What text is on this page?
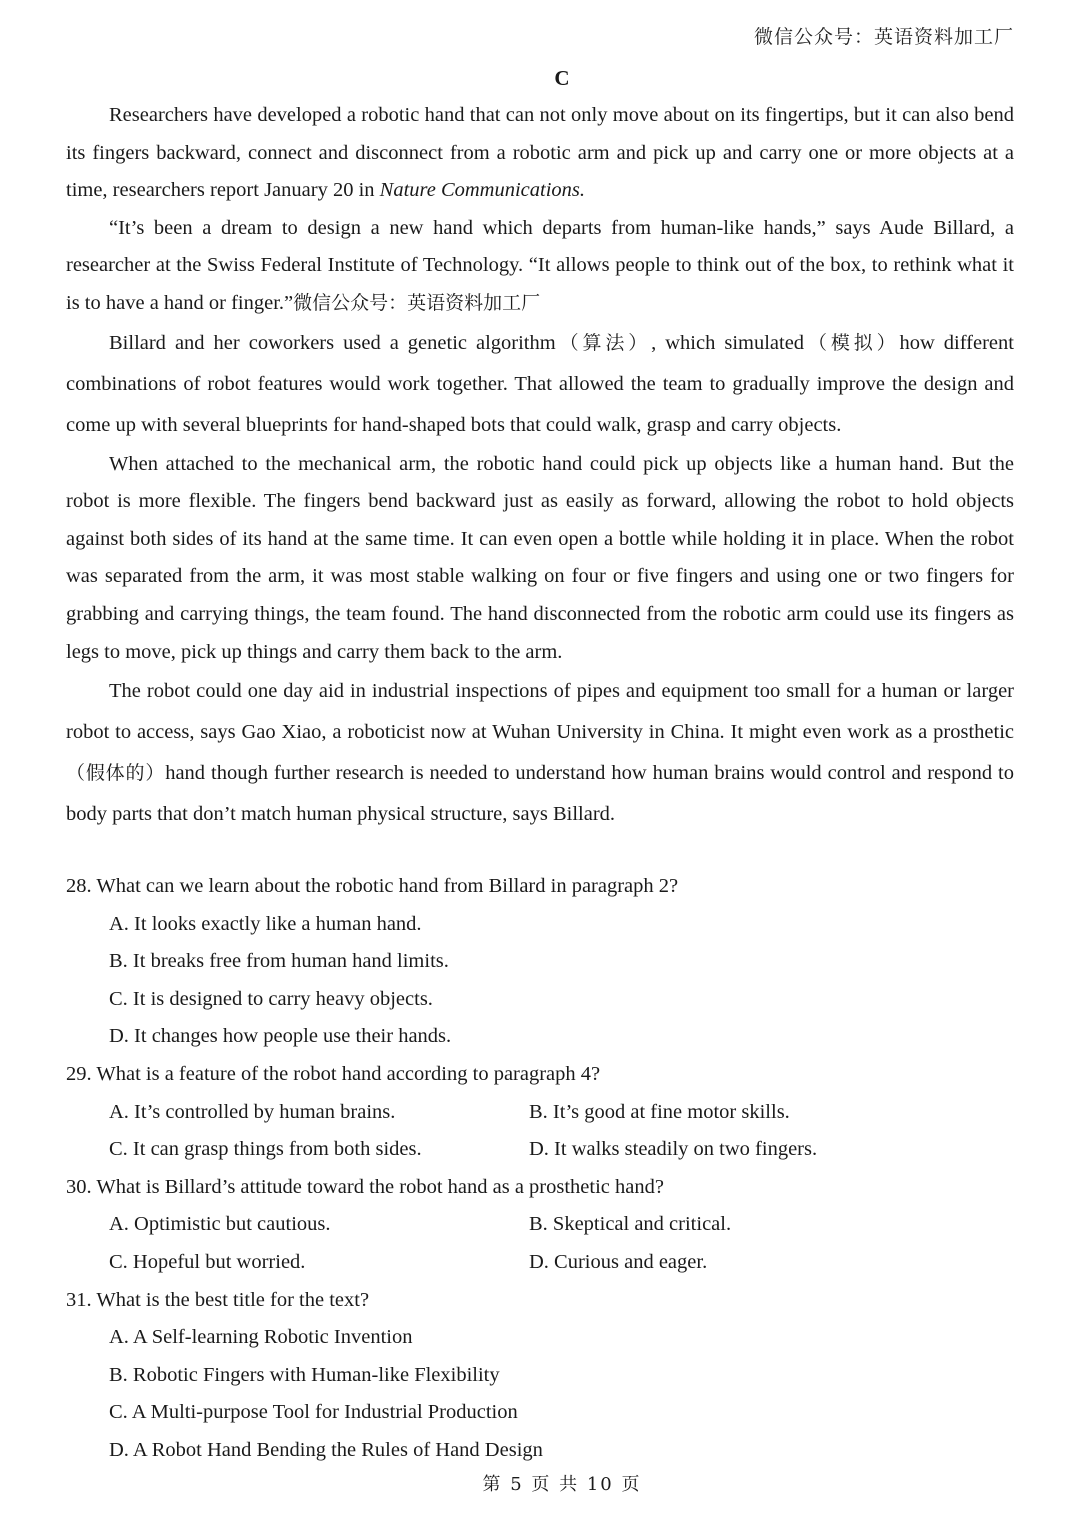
微信公众号：英语资料加工厂
C

Researchers have developed a robotic hand that can not only move about on its fingertips, but it can also bend its fingers backward, connect and disconnect from a robotic arm and pick up and carry one or more objects at a time, researchers report January 20 in Nature Communications.

“It’s been a dream to design a new hand which departs from human-like hands,” says Aude Billard, a researcher at the Swiss Federal Institute of Technology. “It allows people to think out of the box, to rethink what it is to have a hand or finger.”微信公众号：英语资料加工厂

Billard and her coworkers used a genetic algorithm（算法）, which simulated（模拟）how different combinations of robot features would work together. That allowed the team to gradually improve the design and come up with several blueprints for hand-shaped bots that could walk, grasp and carry objects.

When attached to the mechanical arm, the robotic hand could pick up objects like a human hand. But the robot is more flexible. The fingers bend backward just as easily as forward, allowing the robot to hold objects against both sides of its hand at the same time. It can even open a bottle while holding it in place. When the robot was separated from the arm, it was most stable walking on four or five fingers and using one or two fingers for grabbing and carrying things, the team found. The hand disconnected from the robotic arm could use its fingers as legs to move, pick up things and carry them back to the arm.

The robot could one day aid in industrial inspections of pipes and equipment too small for a human or larger robot to access, says Gao Xiao, a roboticist now at Wuhan University in China. It might even work as a prosthetic（假体的）hand though further research is needed to understand how human brains would control and respond to body parts that don’t match human physical structure, says Billard.

28. What can we learn about the robotic hand from Billard in paragraph 2?

A. It looks exactly like a human hand.

B. It breaks free from human hand limits.

C. It is designed to carry heavy objects.

D. It changes how people use their hands.

29. What is a feature of the robot hand according to paragraph 4?

A. It’s controlled by human brains.	B. It’s good at fine motor skills.
C. It can grasp things from both sides.	D. It walks steadily on two fingers.

30. What is Billard’s attitude toward the robot hand as a prosthetic hand?

A. Optimistic but cautious.	B. Skeptical and critical.
C. Hopeful but worried.	D. Curious and eager.

31. What is the best title for the text?

A. A Self-learning Robotic Invention

B. Robotic Fingers with Human-like Flexibility

C. A Multi-purpose Tool for Industrial Production

D. A Robot Hand Bending the Rules of Hand Design

第 5 页 共 10 页
